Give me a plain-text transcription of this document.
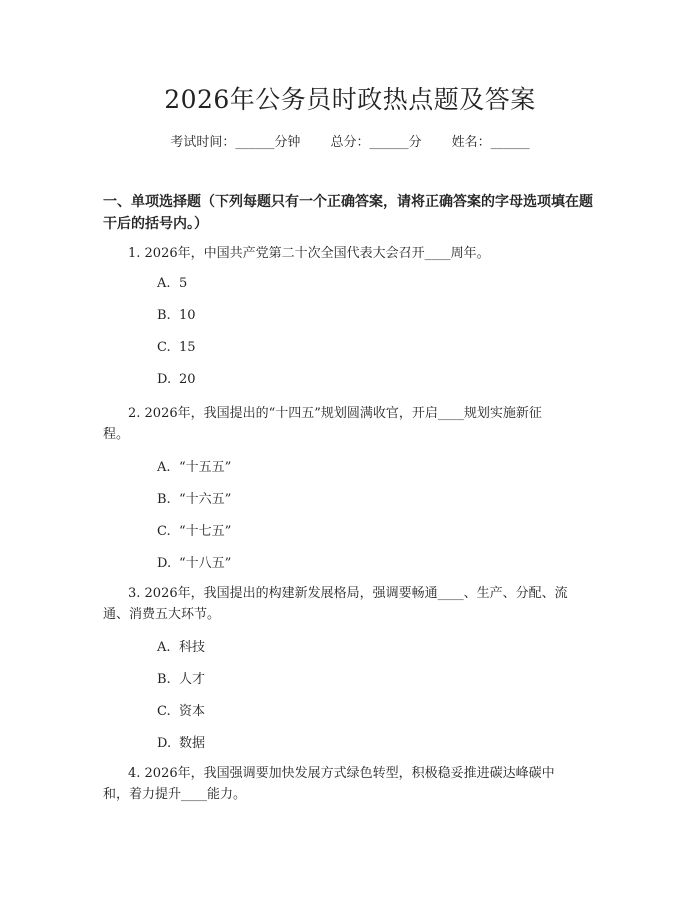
2026年公务员时政热点题及答案
考试时间：______分钟 总分：______分 姓名：______
一、单项选择题（下列每题只有一个正确答案，请将正确答案的字母选项填在题
干后的括号内。）
1. 2026年，中国共产党第二十次全国代表大会召开____周年。
A. 5
B. 10
C. 15
D. 20
2. 2026年，我国提出的“十四五”规划圆满收官，开启____规划实施新征
程。
A. “十五五”
B. “十六五”
C. “十七五”
D. “十八五”
3. 2026年，我国提出的构建新发展格局，强调要畅通____、生产、分配、流
通、消费五大环节。
A. 科技
B. 人才
C. 资本
D. 数据
4. 2026年，我国强调要加快发展方式绿色转型，积极稳妥推进碳达峰碳中
和，着力提升____能力。
